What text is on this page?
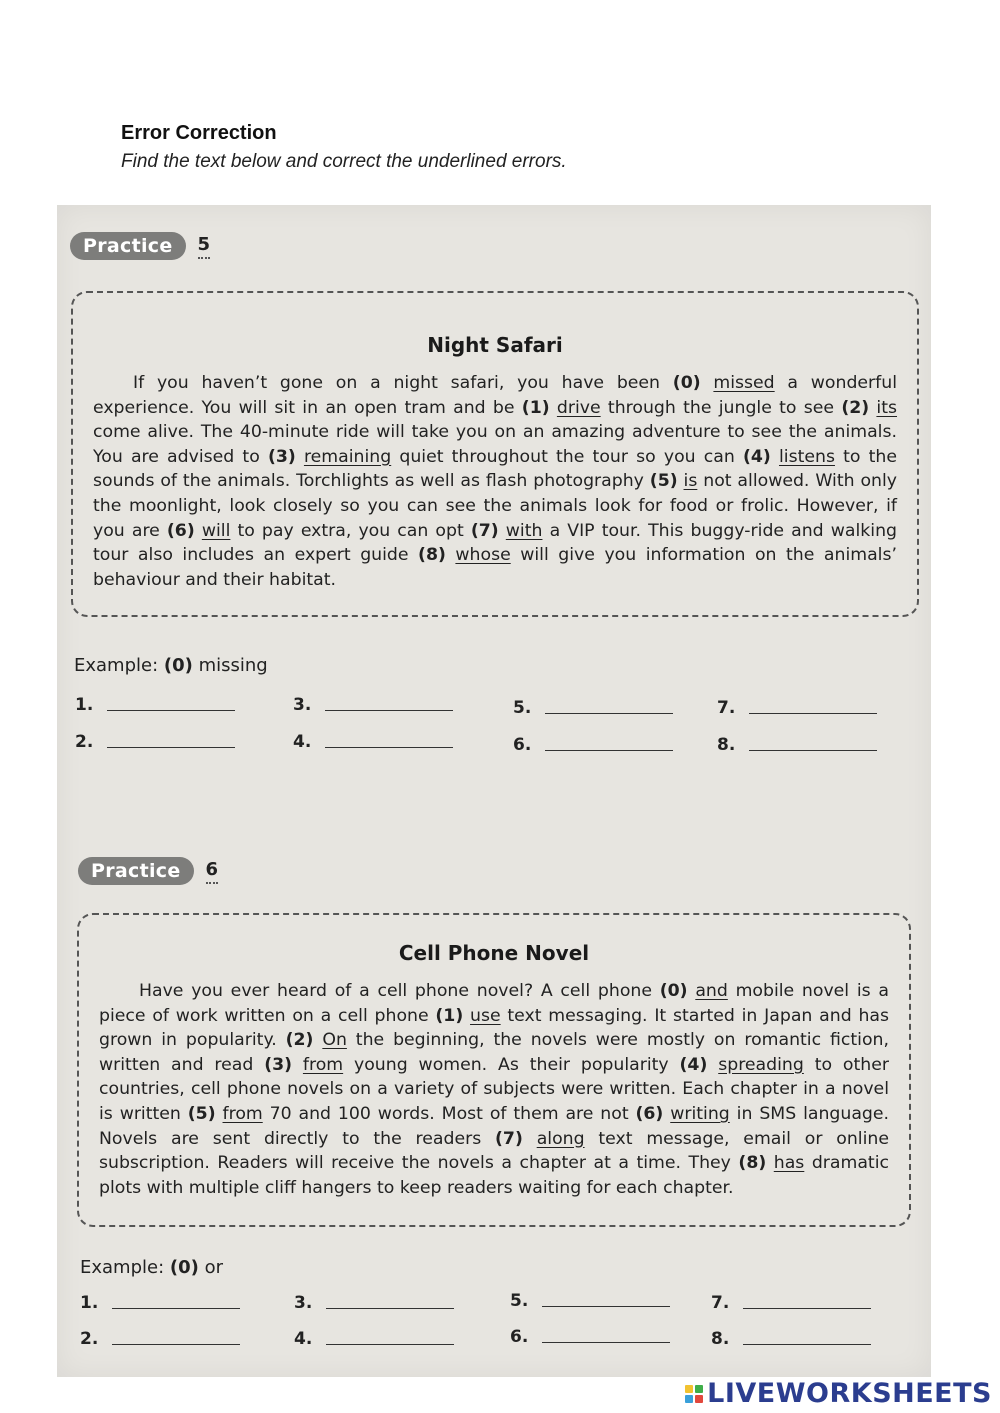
Error Correction
Find the text below and correct the underlined errors.
Practice	5
Night Safari

If you haven’t gone on a night safari, you have been (0) missed a wonderful experience. You will sit in an open tram and be (1) drive through the jungle to see (2) its come alive. The 40-minute ride will take you on an amazing adventure to see the animals. You are advised to (3) remaining quiet throughout the tour so you can (4) listens to the sounds of the animals. Torchlights as well as flash photography (5) is not allowed. With only the moonlight, look closely so you can see the animals look for food or frolic. However, if you are (6) will to pay extra, you can opt (7) with a VIP tour. This buggy-ride and walking tour also includes an expert guide (8) whose will give you information on the animals’ behaviour and their habitat.

Example: (0) missing
1.
2.
3.
4.
5.
6.
7.
8.
Practice	6
Cell Phone Novel

Have you ever heard of a cell phone novel? A cell phone (0) and mobile novel is a piece of work written on a cell phone (1) use text messaging. It started in Japan and has grown in popularity. (2) On the beginning, the novels were mostly on romantic fiction, written and read (3) from young women. As their popularity (4) spreading to other countries, cell phone novels on a variety of subjects were written. Each chapter in a novel is written (5) from 70 and 100 words. Most of them are not (6) writing in SMS language. Novels are sent directly to the readers (7) along text message, email or online subscription. Readers will receive the novels a chapter at a time. They (8) has dramatic plots with multiple cliff hangers to keep readers waiting for each chapter.

Example: (0) or
1.
2.
3.
4.
5.
6.
7.
8.
LIVEWORKSHEETS
